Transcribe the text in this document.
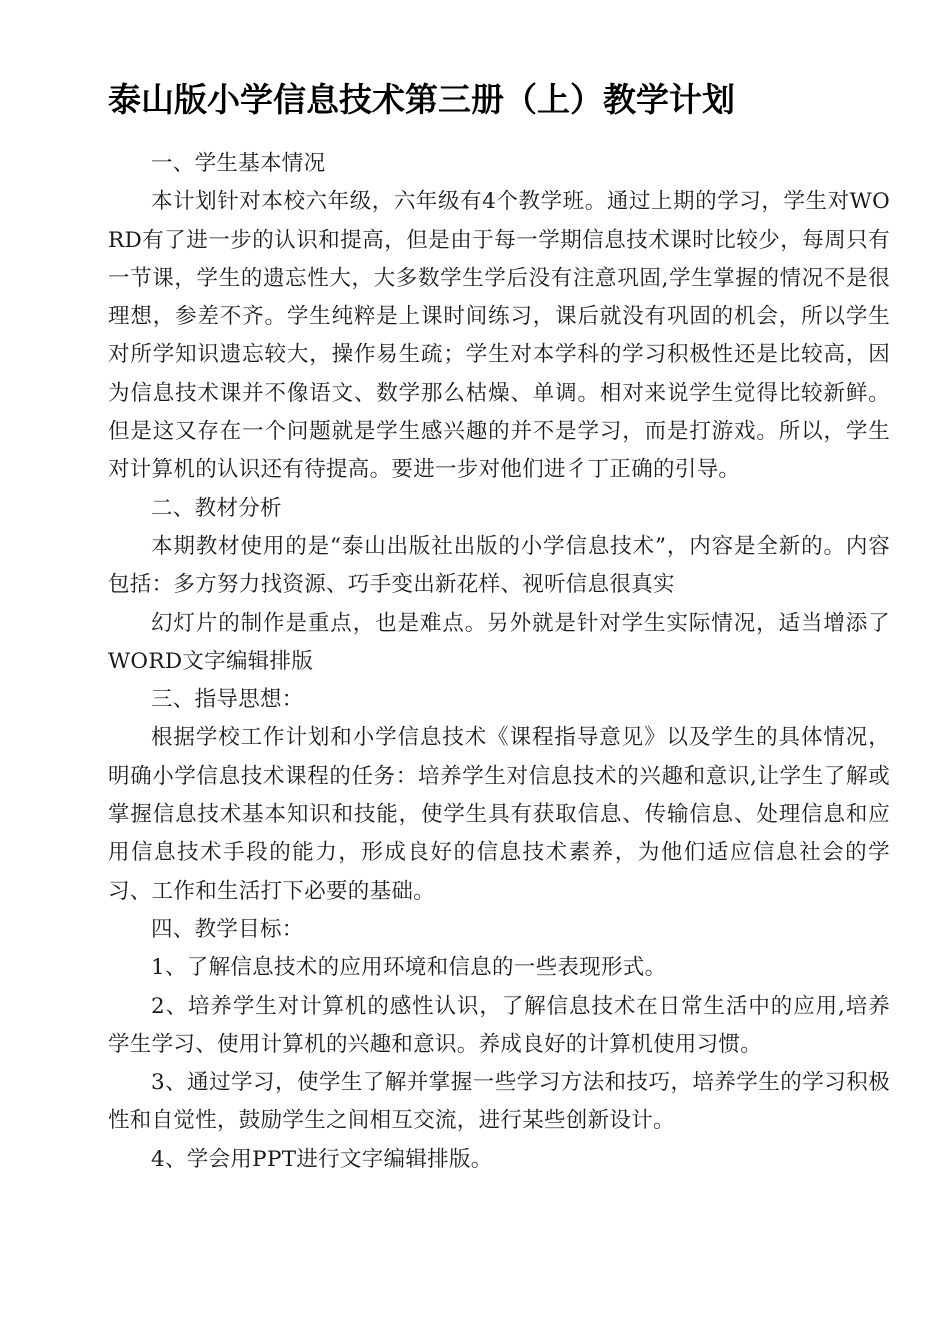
泰山版小学信息技术第三册（上）教学计划

一、学生基本情况

本计划针对本校六年级，六年级有4个教学班。通过上期的学习，学生对WORD有了进一步的认识和提高，但是由于每一学期信息技术课时比较少，每周只有一节课，学生的遗忘性大，大多数学生学后没有注意巩固,学生掌握的情况不是很理想，参差不齐。学生纯粹是上课时间练习，课后就没有巩固的机会，所以学生对所学知识遗忘较大，操作易生疏；学生对本学科的学习积极性还是比较高，因为信息技术课并不像语文、数学那么枯燥、单调。相对来说学生觉得比较新鲜。但是这又存在一个问题就是学生感兴趣的并不是学习，而是打游戏。所以，学生对计算机的认识还有待提高。要进一步对他们进彳丁正确的引导。

二、教材分析

本期教材使用的是“泰山出版社出版的小学信息技术”，内容是全新的。内容包括：多方努力找资源、巧手变出新花样、视听信息很真实

幻灯片的制作是重点，也是难点。另外就是针对学生实际情况，适当增添了WORD文字编辑排版

三、指导思想：

根据学校工作计划和小学信息技术《课程指导意见》以及学生的具体情况，明确小学信息技术课程的任务：培养学生对信息技术的兴趣和意识,让学生了解或掌握信息技术基本知识和技能，使学生具有获取信息、传输信息、处理信息和应用信息技术手段的能力，形成良好的信息技术素养，为他们适应信息社会的学习、工作和生活打下必要的基础。

四、教学目标：

1、了解信息技术的应用环境和信息的一些表现形式。

2、培养学生对计算机的感性认识，了解信息技术在日常生活中的应用,培养学生学习、使用计算机的兴趣和意识。养成良好的计算机使用习惯。

3、通过学习，使学生了解并掌握一些学习方法和技巧，培养学生的学习积极性和自觉性，鼓励学生之间相互交流，进行某些创新设计。

4、学会用PPT进行文字编辑排版。
